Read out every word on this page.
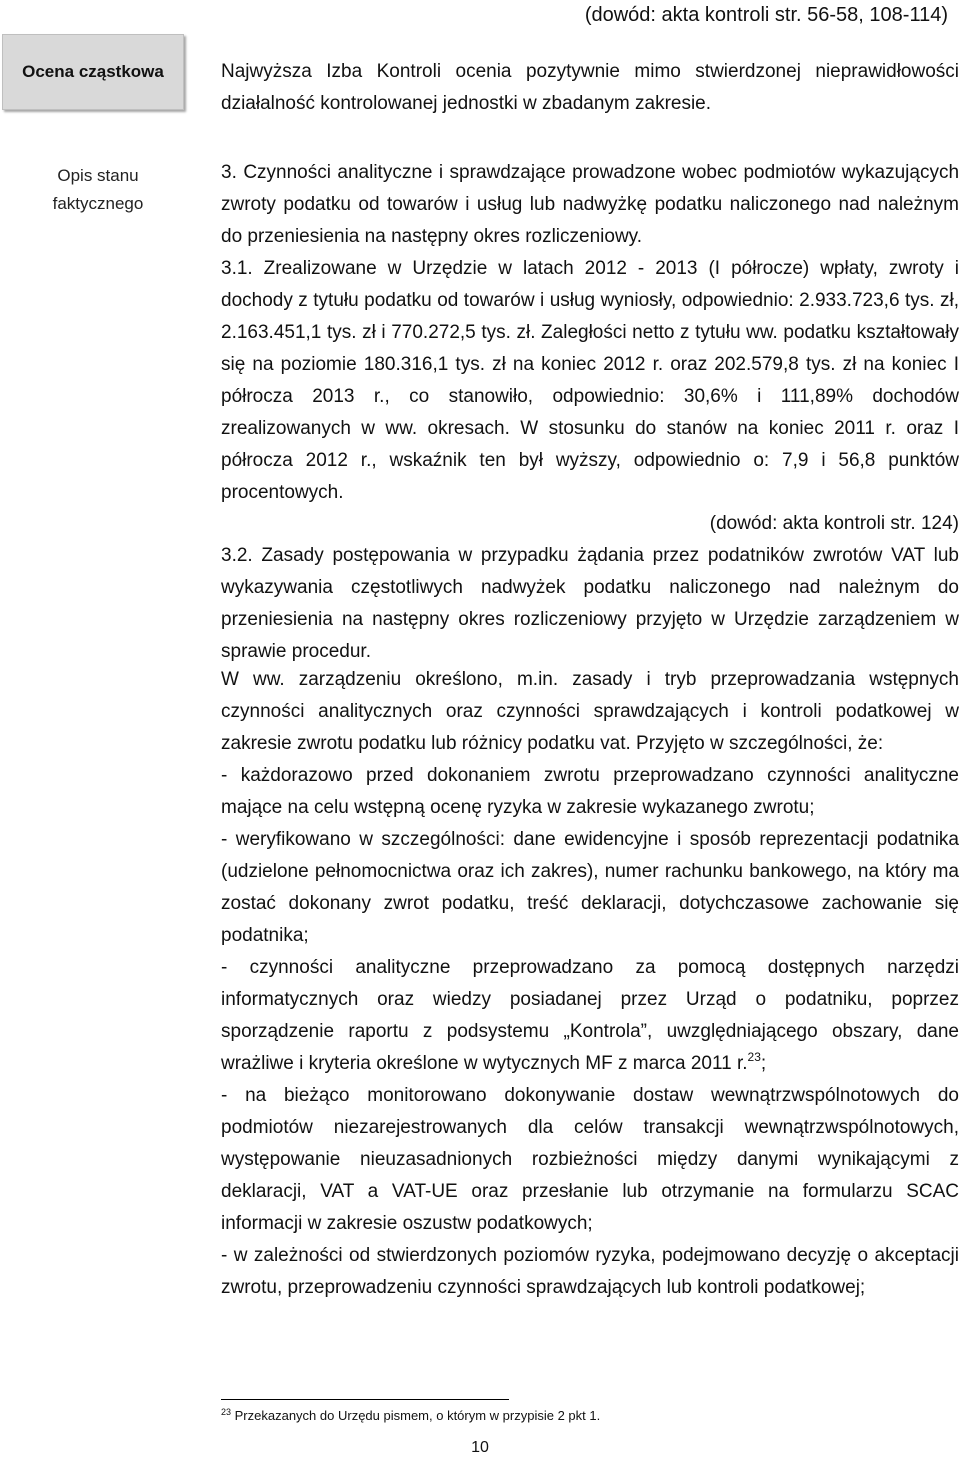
(dowód: akta kontroli str. 56-58, 108-114)
Ocena cząstkowa	Najwyższa Izba Kontroli ocenia pozytywnie mimo stwierdzonej nieprawidłowości działalność kontrolowanej jednostki w zbadanym zakresie.
Opis stanu faktycznego
3. Czynności analityczne i sprawdzające prowadzone wobec podmiotów wykazujących zwroty podatku od towarów i usług lub nadwyżkę podatku naliczonego nad należnym do przeniesienia na następny okres rozliczeniowy.
3.1. Zrealizowane w Urzędzie w latach 2012 - 2013 (I półrocze) wpłaty, zwroty i dochody z tytułu podatku od towarów i usług wyniosły, odpowiednio: 2.933.723,6 tys. zł, 2.163.451,1 tys. zł i 770.272,5 tys. zł. Zaległości netto z tytułu ww. podatku kształtowały się na poziomie 180.316,1 tys. zł na koniec 2012 r. oraz 202.579,8 tys. zł na koniec I półrocza 2013 r., co stanowiło, odpowiednio: 30,6% i 111,89% dochodów zrealizowanych w ww. okresach. W stosunku do stanów na koniec 2011 r. oraz I półrocza 2012 r., wskaźnik ten był wyższy, odpowiednio o: 7,9 i 56,8 punktów procentowych.
(dowód: akta kontroli str. 124)
3.2. Zasady postępowania w przypadku żądania przez podatników zwrotów VAT lub wykazywania częstotliwych nadwyżek podatku naliczonego nad należnym do przeniesienia na następny okres rozliczeniowy przyjęto w Urzędzie zarządzeniem w sprawie procedur.
W ww. zarządzeniu określono, m.in. zasady i tryb przeprowadzania wstępnych czynności analitycznych oraz czynności sprawdzających i kontroli podatkowej w zakresie zwrotu podatku lub różnicy podatku vat. Przyjęto w szczególności, że:
- każdorazowo przed dokonaniem zwrotu przeprowadzano czynności analityczne mające na celu wstępną ocenę ryzyka w zakresie wykazanego zwrotu;
- weryfikowano w szczególności: dane ewidencyjne i sposób reprezentacji podatnika (udzielone pełnomocnictwa oraz ich zakres), numer rachunku bankowego, na który ma zostać dokonany zwrot podatku, treść deklaracji, dotychczasowe zachowanie się podatnika;
- czynności analityczne przeprowadzano za pomocą dostępnych narzędzi informatycznych oraz wiedzy posiadanej przez Urząd o podatniku, poprzez sporządzenie raportu z podsystemu „Kontrola”, uwzględniającego obszary, dane wrażliwe i kryteria określone w wytycznych MF z marca 2011 r.$^{23}$;
- na bieżąco monitorowano dokonywanie dostaw wewnątrzwspólnotowych do podmiotów niezarejestrowanych dla celów transakcji wewnątrzwspólnotowych, występowanie nieuzasadnionych rozbieżności między danymi wynikającymi z deklaracji, VAT a VAT-UE oraz przesłanie lub otrzymanie na formularzu SCAC informacji w zakresie oszustw podatkowych;
- w zależności od stwierdzonych poziomów ryzyka, podejmowano decyzję o akceptacji zwrotu, przeprowadzeniu czynności sprawdzających lub kontroli podatkowej;
$^{23}$ Przekazanych do Urzędu pismem, o którym w przypisie 2 pkt 1.
10
